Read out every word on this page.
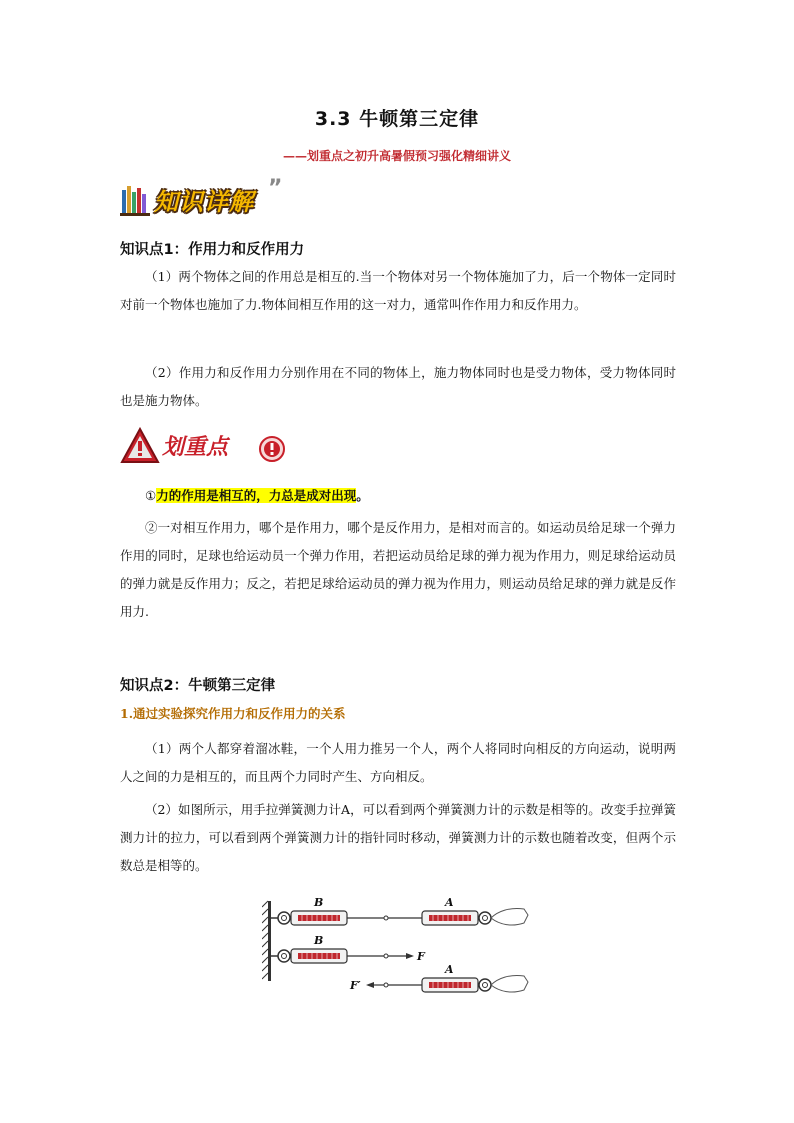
3.3 牛顿第三定律
——划重点之初升高暑假预习强化精细讲义
知识详解 ”
知识点1：作用力和反作用力
（1）两个物体之间的作用总是相互的.当一个物体对另一个物体施加了力，后一个物体一定同时对前一个物体也施加了力.物体间相互作用的这一对力，通常叫作作用力和反作用力。
（2）作用力和反作用力分别作用在不同的物体上，施力物体同时也是受力物体，受力物体同时也是施力物体。
划重点
①力的作用是相互的，力总是成对出现。
②一对相互作用力，哪个是作用力，哪个是反作用力，是相对而言的。如运动员给足球一个弹力作用的同时，足球也给运动员一个弹力作用，若把运动员给足球的弹力视为作用力，则足球给运动员的弹力就是反作用力；反之，若把足球给运动员的弹力视为作用力，则运动员给足球的弹力就是反作用力.
知识点2：牛顿第三定律
1.通过实验探究作用力和反作用力的关系
（1）两个人都穿着溜冰鞋，一个人用力推另一个人，两个人将同时向相反的方向运动，说明两人之间的力是相互的，而且两个力同时产生、方向相反。
（2）如图所示，用手拉弹簧测力计A，可以看到两个弹簧测力计的示数是相等的。改变手拉弹簧测力计的拉力，可以看到两个弹簧测力计的指针同时移动，弹簧测力计的示数也随着改变，但两个示数总是相等的。
B	A
F
B
F′
A
